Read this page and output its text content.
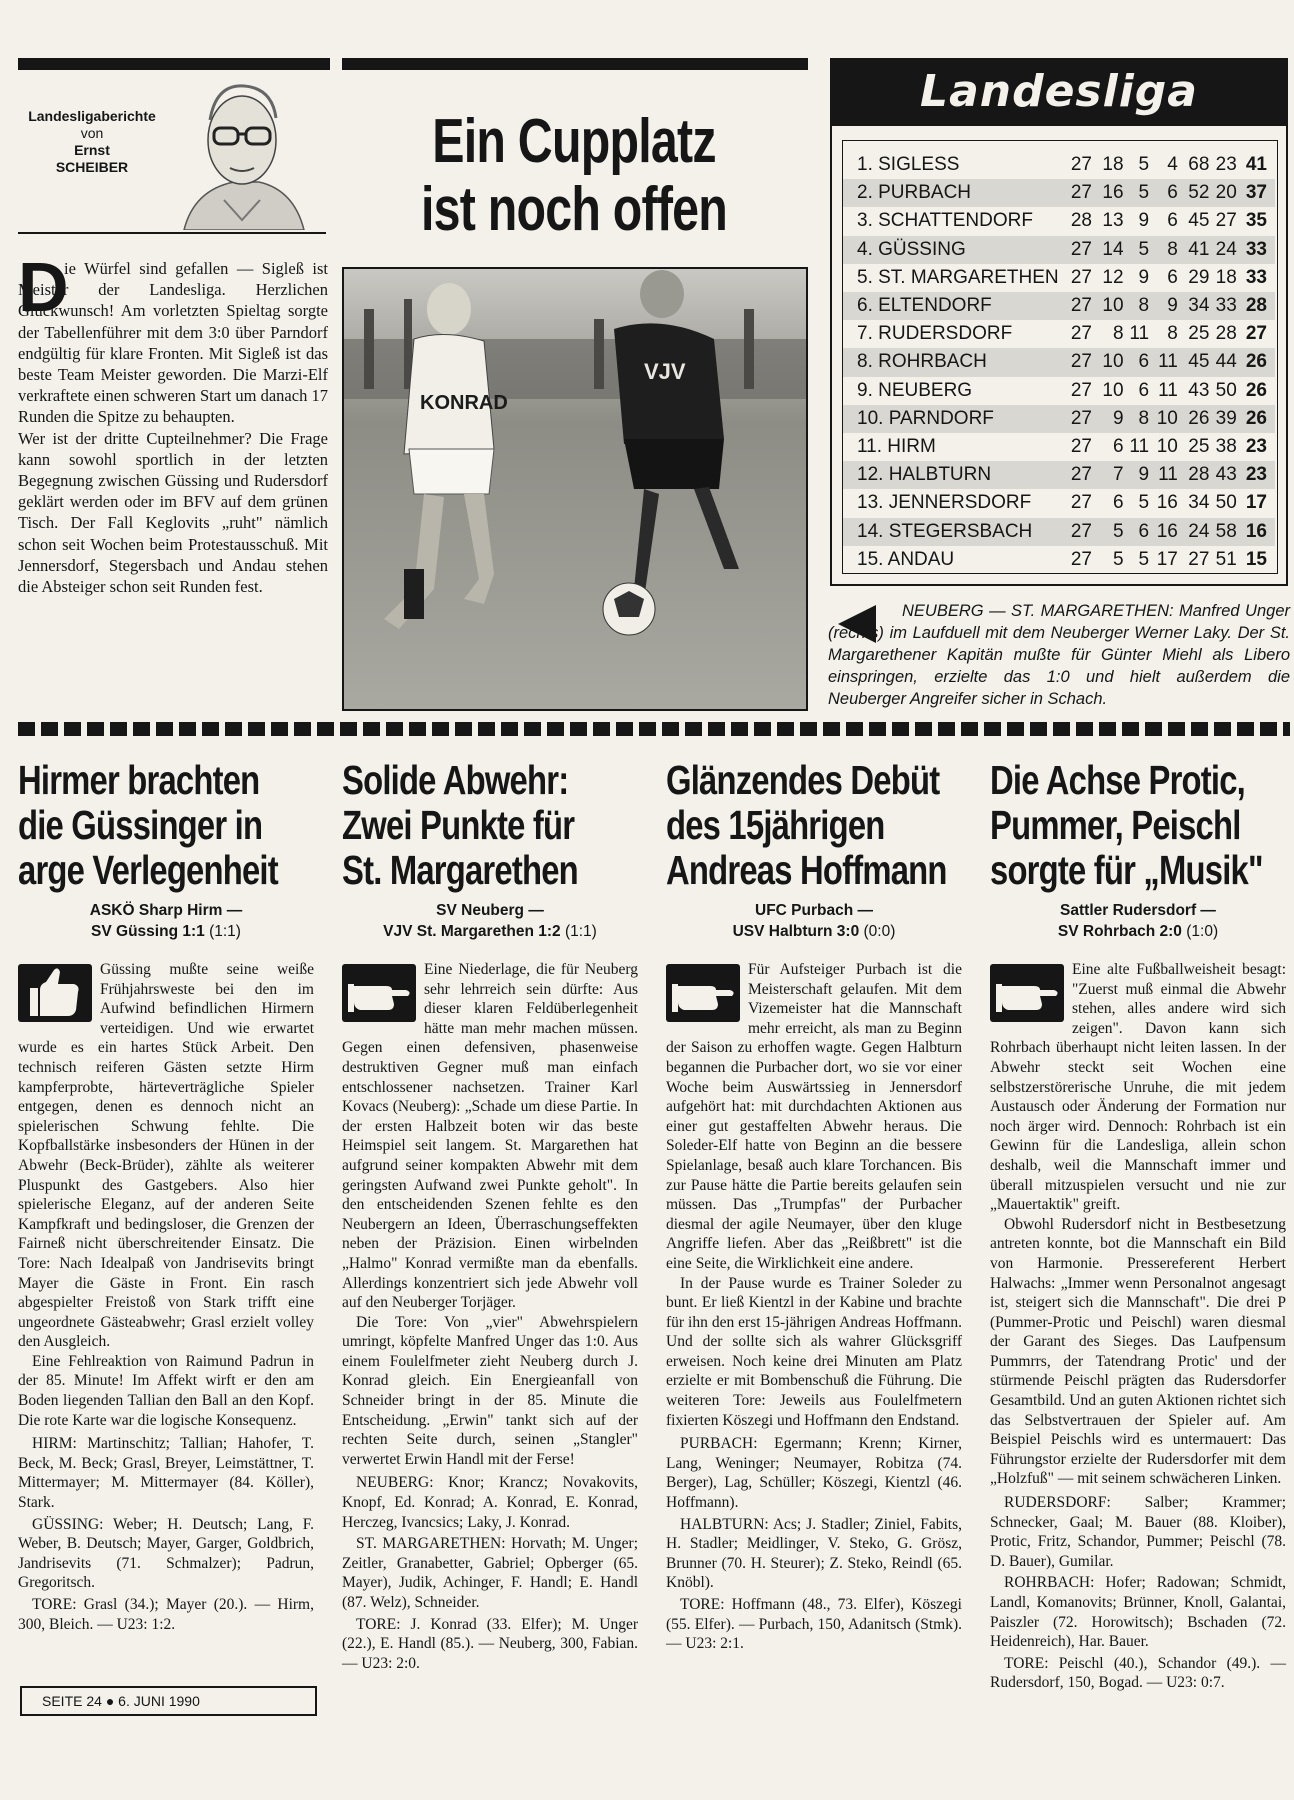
Landesligaberichte
von
Ernst
SCHEIBER	Ein Cupplatz
ist noch offen
D

ie Würfel sind gefallen — Sigleß ist Meister der Landesliga. Herzlichen Glückwunsch! Am vorletzten Spieltag sorgte der Tabellenführer mit dem 3:0 über Parndorf endgültig für klare Fronten. Mit Sigleß ist das beste Team Meister geworden. Die Marzi-Elf verkraftete einen schweren Start um danach 17 Runden die Spitze zu behaupten.

Wer ist der dritte Cupteilnehmer? Die Frage kann sowohl sportlich in der letzten Begegnung zwischen Güssing und Rudersdorf geklärt werden oder im BFV auf dem grünen Tisch. Der Fall Keglovits „ruht" nämlich schon seit Wochen beim Protestausschuß. Mit Jennersdorf, Stegersbach und Andau stehen die Absteiger schon seit Runden fest.

KONRAD
VJV
Landesliga
1. SIGLESS	27	18	5	4	68	23	41
2. PURBACH	27	16	5	6	52	20	37
3. SCHATTENDORF	28	13	9	6	45	27	35
4. GÜSSING	27	14	5	8	41	24	33
5. ST. MARGARETHEN	27	12	9	6	29	18	33
6. ELTENDORF	27	10	8	9	34	33	28
7. RUDERSDORF	27	8	11	8	25	28	27
8. ROHRBACH	27	10	6	11	45	44	26
9. NEUBERG	27	10	6	11	43	50	26
10. PARNDORF	27	9	8	10	26	39	26
11. HIRM	27	6	11	10	25	38	23
12. HALBTURN	27	7	9	11	28	43	23
13. JENNERSDORF	27	6	5	16	34	50	17
14. STEGERSBACH	27	5	6	16	24	58	16
15. ANDAU	27	5	5	17	27	51	15
NEUBERG — ST. MARGARETHEN: Manfred Unger (rechts) im Laufduell mit dem Neuberger Werner Laky. Der St. Margarethener Kapitän mußte für Günter Miehl als Libero einspringen, erzielte das 1:0 und hielt außerdem die Neuberger Angreifer sicher in Schach.
Hirmer brachten
die Güssinger in
arge Verlegenheit
ASKÖ Sharp Hirm —
SV Güssing 1:1 (1:1)

Güssing mußte seine weiße Frühjahrsweste bei den im Aufwind befindlichen Hirmern verteidigen. Und wie erwartet wurde es ein hartes Stück Arbeit. Den technisch reiferen Gästen setzte Hirm kampferprobte, härteverträgliche Spieler entgegen, denen es dennoch nicht an spielerischen Schwung fehlte. Die Kopfballstärke insbesonders der Hünen in der Abwehr (Beck-Brüder), zählte als weiterer Pluspunkt des Gastgebers. Also hier spielerische Eleganz, auf der anderen Seite Kampfkraft und bedingsloser, die Grenzen der Fairneß nicht überschreitender Einsatz. Die Tore: Nach Idealpaß von Jandrisevits bringt Mayer die Gäste in Front. Ein rasch abgespielter Freistoß von Stark trifft eine ungeordnete Gästeabwehr; Grasl erzielt volley den Ausgleich.

Eine Fehlreaktion von Raimund Padrun in der 85. Minute! Im Affekt wirft er den am Boden liegenden Tallian den Ball an den Kopf. Die rote Karte war die logische Konsequenz.

HIRM: Martinschitz; Tallian; Hahofer, T. Beck, M. Beck; Grasl, Breyer, Leimstättner, T. Mittermayer; M. Mittermayer (84. Köller), Stark.

GÜSSING: Weber; H. Deutsch; Lang, F. Weber, B. Deutsch; Mayer, Garger, Goldbrich, Jandrisevits (71. Schmalzer); Padrun, Gregoritsch.

TORE: Grasl (34.); Mayer (20.). — Hirm, 300, Bleich. — U23: 1:2.

Solide Abwehr:
Zwei Punkte für
St. Margarethen
SV Neuberg —
VJV St. Margarethen 1:2 (1:1)

Eine Niederlage, die für Neuberg sehr lehrreich sein dürfte: Aus dieser klaren Feldüberlegenheit hätte man mehr machen müssen. Gegen einen defensiven, phasenweise destruktiven Gegner muß man einfach entschlossener nachsetzen. Trainer Karl Kovacs (Neuberg): „Schade um diese Partie. In der ersten Halbzeit boten wir das beste Heimspiel seit langem. St. Margarethen hat aufgrund seiner kompakten Abwehr mit dem geringsten Aufwand zwei Punkte geholt". In den entscheidenden Szenen fehlte es den Neubergern an Ideen, Überraschungseffekten neben der Präzision. Einen wirbelnden „Halmo" Konrad vermißte man da ebenfalls. Allerdings konzentriert sich jede Abwehr voll auf den Neuberger Torjäger.

Die Tore: Von „vier" Abwehrspielern umringt, köpfelte Manfred Unger das 1:0. Aus einem Foulelfmeter zieht Neuberg durch J. Konrad gleich. Ein Energieanfall von Schneider bringt in der 85. Minute die Entscheidung. „Erwin" tankt sich auf der rechten Seite durch, seinen „Stangler" verwertet Erwin Handl mit der Ferse!

NEUBERG: Knor; Krancz; Novakovits, Knopf, Ed. Konrad; A. Konrad, E. Konrad, Herczeg, Ivancsics; Laky, J. Konrad.

ST. MARGARETHEN: Horvath; M. Unger; Zeitler, Granabetter, Gabriel; Opberger (65. Mayer), Judik, Achinger, F. Handl; E. Handl (87. Welz), Schneider.

TORE: J. Konrad (33. Elfer); M. Unger (22.), E. Handl (85.). — Neuberg, 300, Fabian. — U23: 2:0.

Glänzendes Debüt
des 15jährigen
Andreas Hoffmann
UFC Purbach —
USV Halbturn 3:0 (0:0)

Für Aufsteiger Purbach ist die Meisterschaft gelaufen. Mit dem Vizemeister hat die Mannschaft mehr erreicht, als man zu Beginn der Saison zu erhoffen wagte. Gegen Halbturn begannen die Purbacher dort, wo sie vor einer Woche beim Auswärtssieg in Jennersdorf aufgehört hat: mit durchdachten Aktionen aus einer gut gestaffelten Abwehr heraus. Die Soleder-Elf hatte von Beginn an die bessere Spielanlage, besaß auch klare Torchancen. Bis zur Pause hätte die Partie bereits gelaufen sein müssen. Das „Trumpfas" der Purbacher diesmal der agile Neumayer, über den kluge Angriffe liefen. Aber das „Reißbrett" ist die eine Seite, die Wirklichkeit eine andere.

In der Pause wurde es Trainer Soleder zu bunt. Er ließ Kientzl in der Kabine und brachte für ihn den erst 15-jährigen Andreas Hoffmann. Und der sollte sich als wahrer Glücksgriff erweisen. Noch keine drei Minuten am Platz erzielte er mit Bombenschuß die Führung. Die weiteren Tore: Jeweils aus Foulelfmetern fixierten Köszegi und Hoffmann den Endstand.

PURBACH: Egermann; Krenn; Kirner, Lang, Weninger; Neumayer, Robitza (74. Berger), Lag, Schüller; Köszegi, Kientzl (46. Hoffmann).

HALBTURN: Acs; J. Stadler; Ziniel, Fabits, H. Stadler; Meidlinger, V. Steko, G. Grösz, Brunner (70. H. Steurer); Z. Steko, Reindl (65. Knöbl).

TORE: Hoffmann (48., 73. Elfer), Köszegi (55. Elfer). — Purbach, 150, Adanitsch (Stmk). — U23: 2:1.

Die Achse Protic,
Pummer, Peischl
sorgte für „Musik"
Sattler Rudersdorf —
SV Rohrbach 2:0 (1:0)

Eine alte Fußballweisheit besagt: "Zuerst muß einmal die Abwehr stehen, alles andere wird sich zeigen". Davon kann sich Rohrbach überhaupt nicht leiten lassen. In der Abwehr steckt seit Wochen eine selbstzerstörerische Unruhe, die mit jedem Austausch oder Änderung der Formation nur noch ärger wird. Dennoch: Rohrbach ist ein Gewinn für die Landesliga, allein schon deshalb, weil die Mannschaft immer und überall mitzuspielen versucht und nie zur „Mauertaktik" greift.

Obwohl Rudersdorf nicht in Bestbesetzung antreten konnte, bot die Mannschaft ein Bild von Harmonie. Pressereferent Herbert Halwachs: „Immer wenn Personalnot angesagt ist, steigert sich die Mannschaft". Die drei P (Pummer-Protic und Peischl) waren diesmal der Garant des Sieges. Das Laufpensum Pummrrs, der Tatendrang Protic' und der stürmende Peischl prägten das Rudersdorfer Gesamtbild. Und an guten Aktionen richtet sich das Selbstvertrauen der Spieler auf. Am Beispiel Peischls wird es untermauert: Das Führungstor erzielte der Rudersdorfer mit dem „Holzfuß" — mit seinem schwächeren Linken.

RUDERSDORF: Salber; Krammer; Schnecker, Gaal; M. Bauer (88. Kloiber), Protic, Fritz, Schandor, Pummer; Peischl (78. D. Bauer), Gumilar.

ROHRBACH: Hofer; Radowan; Schmidt, Landl, Komanovits; Brünner, Knoll, Galantai, Paiszler (72. Horowitsch); Bschaden (72. Heidenreich), Har. Bauer.

TORE: Peischl (40.), Schandor (49.). — Rudersdorf, 150, Bogad. — U23: 0:7.

SEITE 24 ● 6. JUNI 1990
